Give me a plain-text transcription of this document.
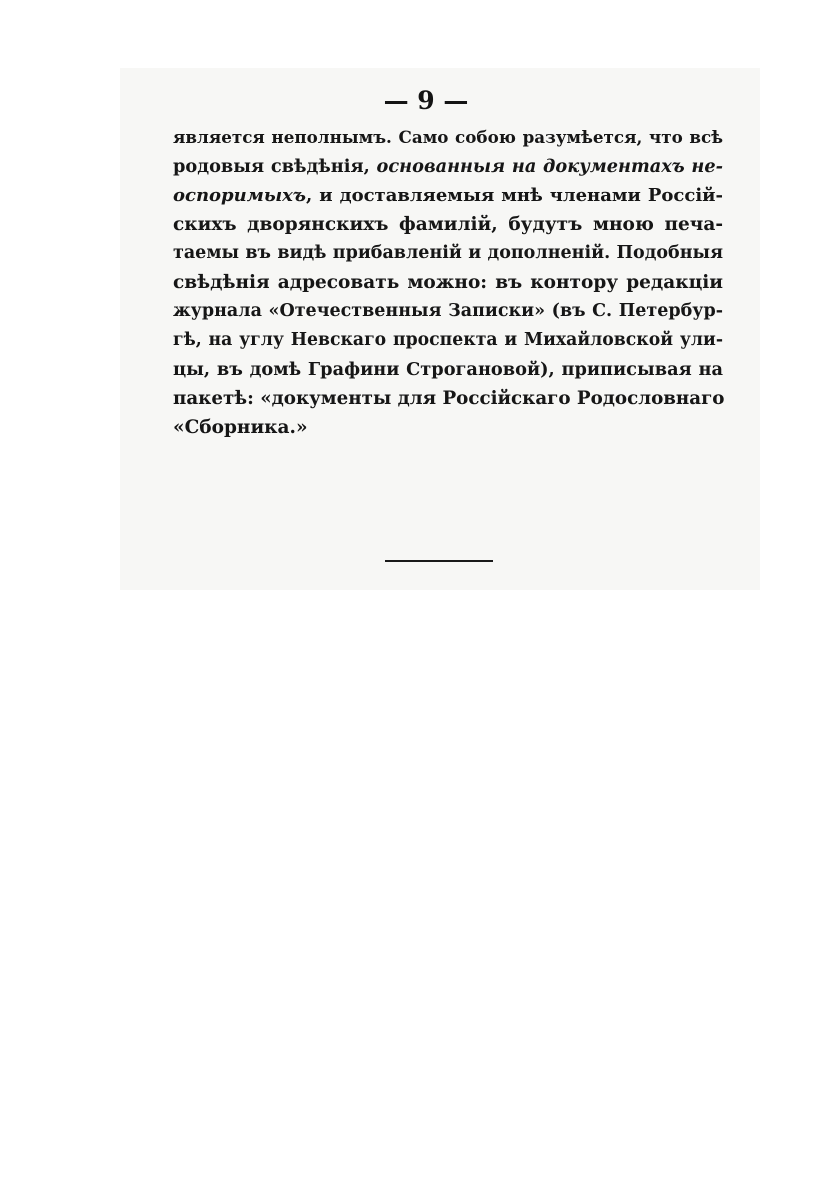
— 9 —
является неполнымъ. Само собою разумѣется, что всѣ
родовыя свѣдѣнія, основанныя на документахъ не-
оспоримыхъ, и доставляемыя мнѣ членами Россій-
скихъ дворянскихъ фамилій, будутъ мною печа-
таемы въ видѣ прибавленій и дополненій. Подобныя
свѣдѣнія адресовать можно: въ контору редакціи
журнала «Отечественныя Записки» (въ С. Петербур-
гѣ, на углу Невскаго проспекта и Михайловской ули-
цы, въ домѣ Графини Строгановой), приписывая на
пакетѣ: «документы для Россійскаго Родословнаго
«Сборника.»
